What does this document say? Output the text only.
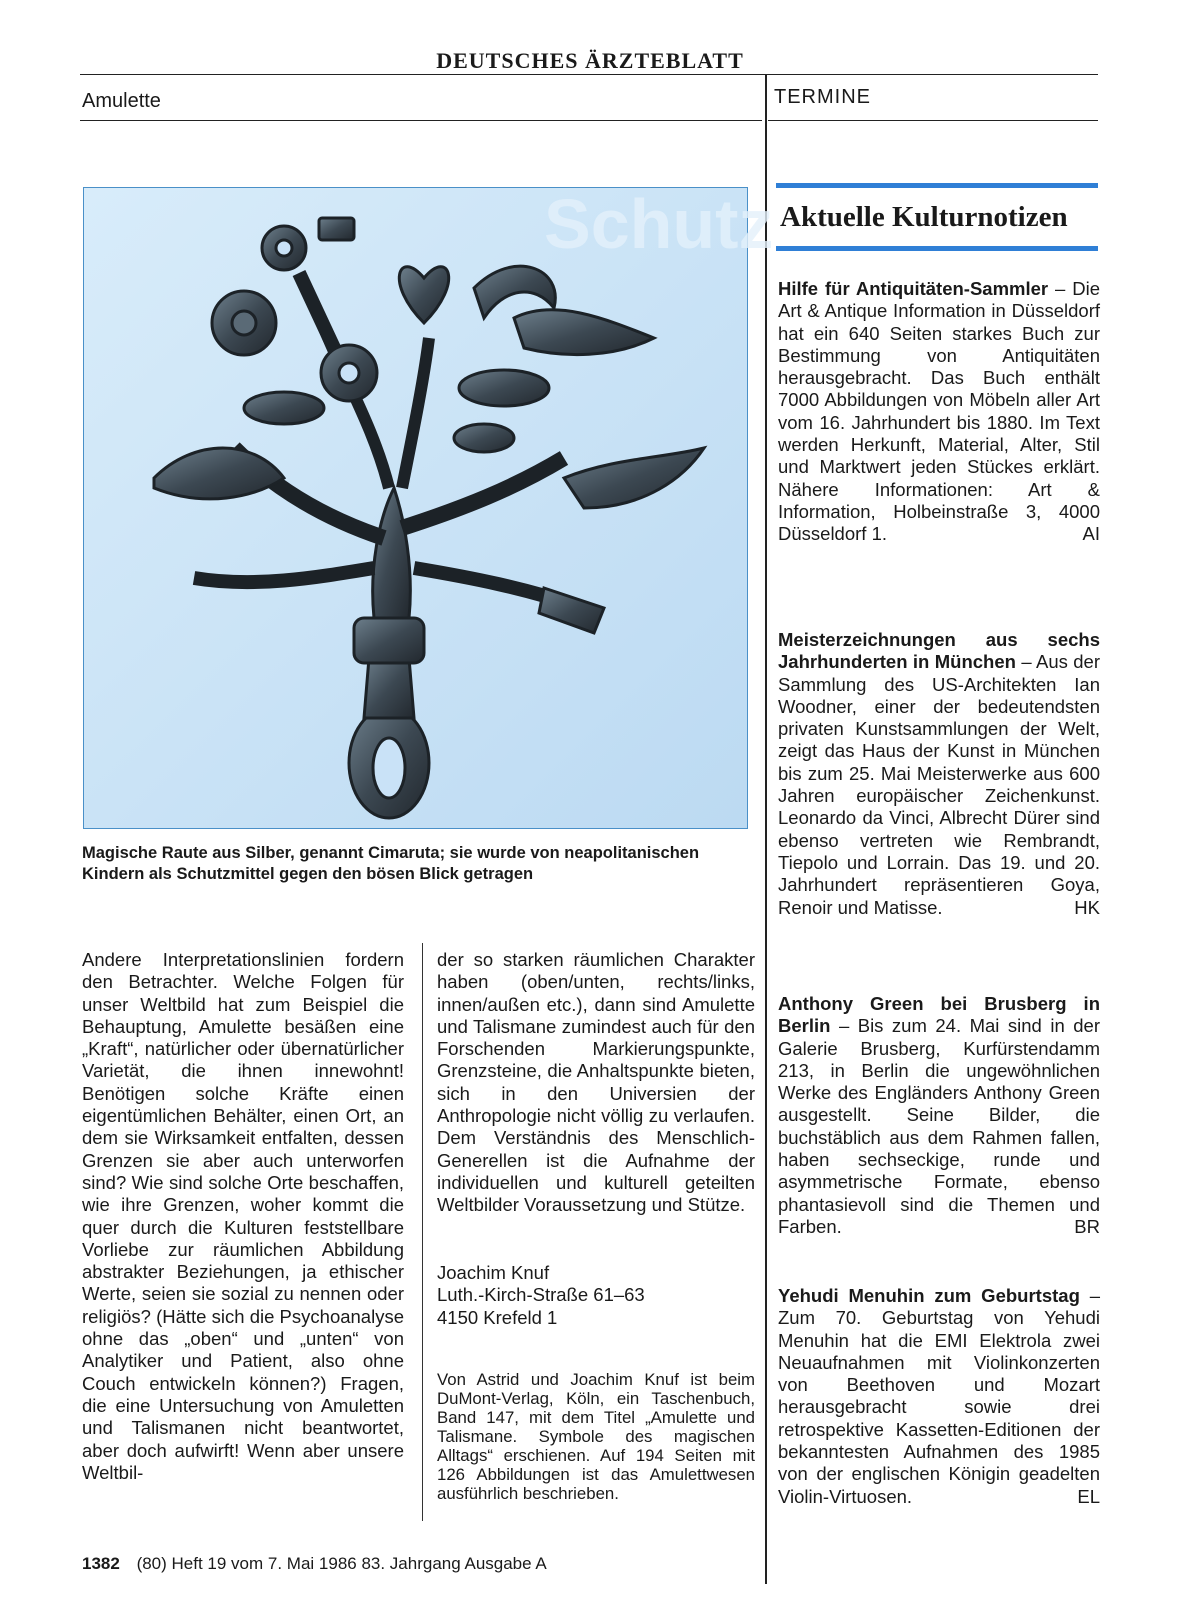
DEUTSCHES ÄRZTEBLATT
Amulette	TERMINE
Schutz
Magische Raute aus Silber, genannt Cimaruta; sie wurde von neapolitanischen Kindern als Schutzmittel gegen den bösen Blick getragen

Andere Interpretationslinien fordern den Betrachter. Welche Folgen für unser Weltbild hat zum Beispiel die Behauptung, Amulette besäßen eine „Kraft“, natürlicher oder übernatürlicher Varietät, die ihnen innewohnt! Benötigen solche Kräfte einen eigentümlichen Behälter, einen Ort, an dem sie Wirksamkeit entfalten, dessen Grenzen sie aber auch unterworfen sind? Wie sind solche Orte beschaffen, wie ihre Grenzen, woher kommt die quer durch die Kulturen feststellbare Vorliebe zur räumlichen Abbildung abstrakter Beziehungen, ja ethischer Werte, seien sie sozial zu nennen oder religiös? (Hätte sich die Psychoanalyse ohne das „oben“ und „unten“ von Analytiker und Patient, also ohne Couch entwickeln können?) Fragen, die eine Untersuchung von Amuletten und Talismanen nicht beantwortet, aber doch aufwirft! Wenn aber unsere Weltbil-

der so starken räumlichen Charakter haben (oben/unten, rechts/links, innen/außen etc.), dann sind Amulette und Talismane zumindest auch für den Forschenden Markierungspunkte, Grenzsteine, die Anhaltspunkte bieten, sich in den Universien der Anthropologie nicht völlig zu verlaufen. Dem Verständnis des Menschlich-Generellen ist die Aufnahme der individuellen und kulturell geteilten Weltbilder Voraussetzung und Stütze.

Joachim Knuf
Luth.-Kirch-Straße 61–63
4150 Krefeld 1
Von Astrid und Joachim Knuf ist beim DuMont-Verlag, Köln, ein Taschenbuch, Band 147, mit dem Titel „Amulette und Talismane. Symbole des magischen Alltags“ erschienen. Auf 194 Seiten mit 126 Abbildungen ist das Amulettwesen ausführlich beschrieben.
1382 (80) Heft 19 vom 7. Mai 1986 83. Jahrgang Ausgabe A
Aktuelle Kulturnotizen
Hilfe für Antiquitäten-Sammler – Die Art & Antique Information in Düsseldorf hat ein 640 Seiten starkes Buch zur Bestimmung von Antiquitäten herausgebracht. Das Buch enthält 7000 Abbildungen von Möbeln aller Art vom 16. Jahrhundert bis 1880. Im Text werden Herkunft, Material, Alter, Stil und Marktwert jeden Stückes erklärt. Nähere Informationen: Art & Information, Holbeinstraße 3, 4000 Düsseldorf 1.	AI
Meisterzeichnungen aus sechs Jahrhunderten in München – Aus der Sammlung des US-Architekten Ian Woodner, einer der bedeutendsten privaten Kunstsammlungen der Welt, zeigt das Haus der Kunst in München bis zum 25. Mai Meisterwerke aus 600 Jahren europäischer Zeichenkunst. Leonardo da Vinci, Albrecht Dürer sind ebenso vertreten wie Rembrandt, Tiepolo und Lorrain. Das 19. und 20. Jahrhundert repräsentieren Goya, Renoir und Matisse.	HK
Anthony Green bei Brusberg in Berlin – Bis zum 24. Mai sind in der Galerie Brusberg, Kurfürstendamm 213, in Berlin die ungewöhnlichen Werke des Engländers Anthony Green ausgestellt. Seine Bilder, die buchstäblich aus dem Rahmen fallen, haben sechseckige, runde und asymmetrische Formate, ebenso phantasievoll sind die Themen und Farben.	BR
Yehudi Menuhin zum Geburtstag – Zum 70. Geburtstag von Yehudi Menuhin hat die EMI Elektrola zwei Neuaufnahmen mit Violinkonzerten von Beethoven und Mozart herausgebracht sowie drei retrospektive Kassetten-Editionen der bekanntesten Aufnahmen des 1985 von der englischen Königin geadelten Violin-Virtuosen.	EL
